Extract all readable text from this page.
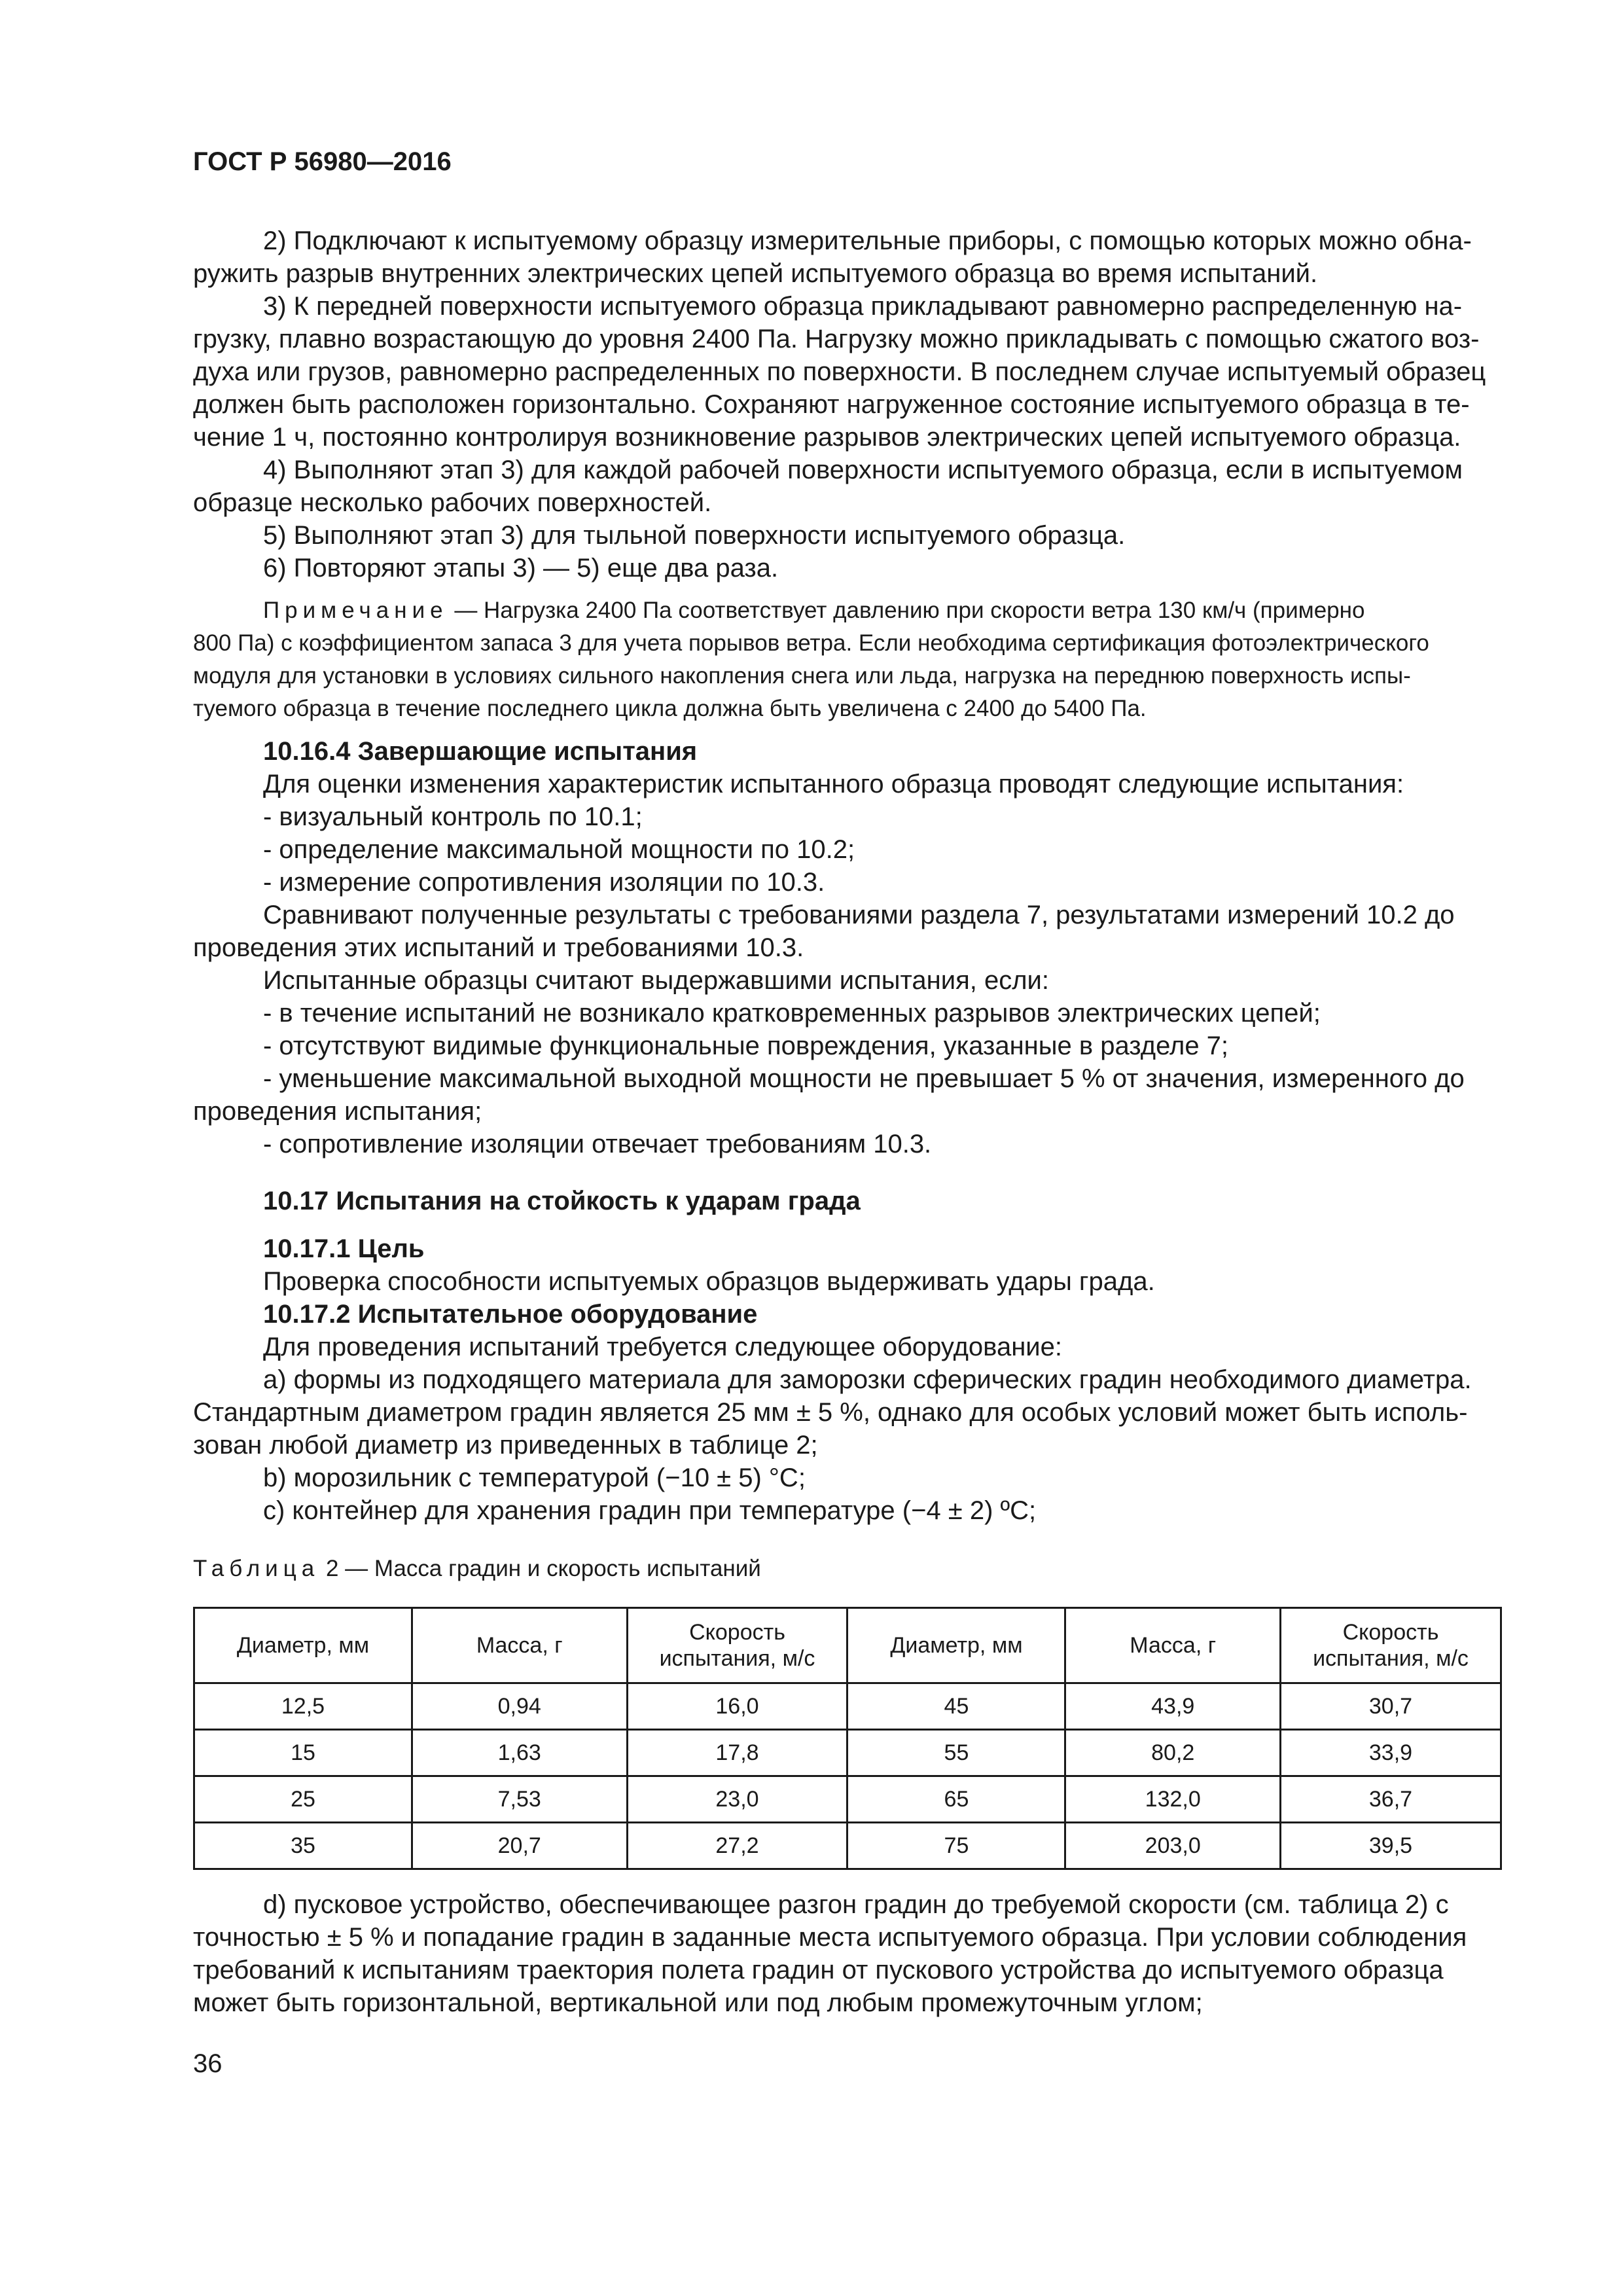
ГОСТ Р 56980—2016

2) Подключают к испытуемому образцу измерительные приборы, с помощью которых можно обна-

ружить разрыв внутренних электрических цепей испытуемого образца во время испытаний.

3) К передней поверхности испытуемого образца прикладывают равномерно распределенную на-

грузку, плавно возрастающую до уровня 2400 Па. Нагрузку можно прикладывать с помощью сжатого воз-

духа или грузов, равномерно распределенных по поверхности. В последнем случае испытуемый образец

должен быть расположен горизонтально. Сохраняют нагруженное состояние испытуемого образца в те-

чение 1 ч, постоянно контролируя возникновение разрывов электрических цепей испытуемого образца.

4) Выполняют этап 3) для каждой рабочей поверхности испытуемого образца, если в испытуемом

образце несколько рабочих поверхностей.

5) Выполняют этап 3) для тыльной поверхности испытуемого образца.

6) Повторяют этапы 3) — 5) еще два раза.

Примечание — Нагрузка 2400 Па соответствует давлению при скорости ветра 130 км/ч (примерно

800 Па) с коэффициентом запаса 3 для учета порывов ветра. Если необходима сертификация фотоэлектрического

модуля для установки в условиях сильного накопления снега или льда, нагрузка на переднюю поверхность испы-

туемого образца в течение последнего цикла должна быть увеличена с 2400 до 5400 Па.

10.16.4 Завершающие испытания

Для оценки изменения характеристик испытанного образца проводят следующие испытания:

- визуальный контроль по 10.1;

- определение максимальной мощности по 10.2;

- измерение сопротивления изоляции по 10.3.

Сравнивают полученные результаты с требованиями раздела 7, результатами измерений 10.2 до

проведения этих испытаний и требованиями 10.3.

Испытанные образцы считают выдержавшими испытания, если:

- в течение испытаний не возникало кратковременных разрывов электрических цепей;

- отсутствуют видимые функциональные повреждения, указанные в разделе 7;

- уменьшение максимальной выходной мощности не превышает 5 % от значения, измеренного до

проведения испытания;

- сопротивление изоляции отвечает требованиям 10.3.

10.17 Испытания на стойкость к ударам града

10.17.1 Цель

Проверка способности испытуемых образцов выдерживать удары града.

10.17.2 Испытательное оборудование

Для проведения испытаний требуется следующее оборудование:

а) формы из подходящего материала для заморозки сферических градин необходимого диаметра.

Стандартным диаметром градин является 25 мм ± 5 %, однако для особых условий может быть исполь-

зован любой диаметр из приведенных в таблице 2;

b) морозильник с температурой (−10 ± 5) °С;

с) контейнер для хранения градин при температуре (−4 ± 2) ºС;

Таблица 2 — Масса градин и скорость испытаний

Диаметр, мм	Масса, г	Скорость испытания, м/с	Диаметр, мм	Масса, г	Скорость испытания, м/с
12,5	0,94	16,0	45	43,9	30,7
15	1,63	17,8	55	80,2	33,9
25	7,53	23,0	65	132,0	36,7
35	20,7	27,2	75	203,0	39,5

d) пусковое устройство, обеспечивающее разгон градин до требуемой скорости (см. таблица 2) с

точностью ± 5 % и попадание градин в заданные места испытуемого образца. При условии соблюдения

требований к испытаниям траектория полета градин от пускового устройства до испытуемого образца

может быть горизонтальной, вертикальной или под любым промежуточным углом;

36
